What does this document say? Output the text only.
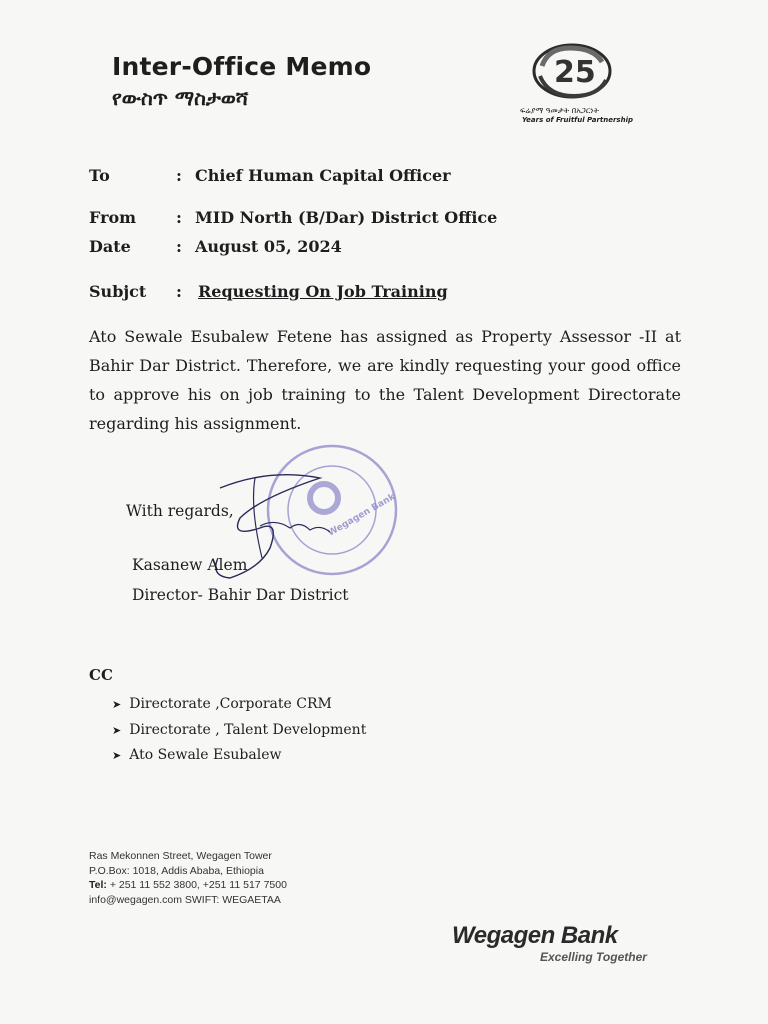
Inter-Office Memo
የውስጥ ማስታወሻ
25
ፍሬያማ ዓመታት በአጋርነት
Years of Fruitful Partnership
To	: Chief Human Capital Officer
From : MID North (B/Dar) District Office
Date	: August 05, 2024
Subjct : Requesting On Job Training
Ato Sewale Esubalew Fetene has assigned as Property Assessor -II at Bahir Dar District. Therefore, we are kindly requesting your good office to approve his on job training to the Talent Development Directorate regarding his assignment.
Wegagen Bank
With regards,
Kasanew Alem
Director- Bahir Dar District
CC
➤ Directorate ,Corporate CRM
➤ Directorate , Talent Development
➤ Ato Sewale Esubalew
Ras Mekonnen Street, Wegagen Tower
P.O.Box: 1018, Addis Ababa, Ethiopia
Tel: + 251 11 552 3800, +251 11 517 7500
info@wegagen.com SWIFT: WEGAETAA
Wegagen Bank
Excelling Together
